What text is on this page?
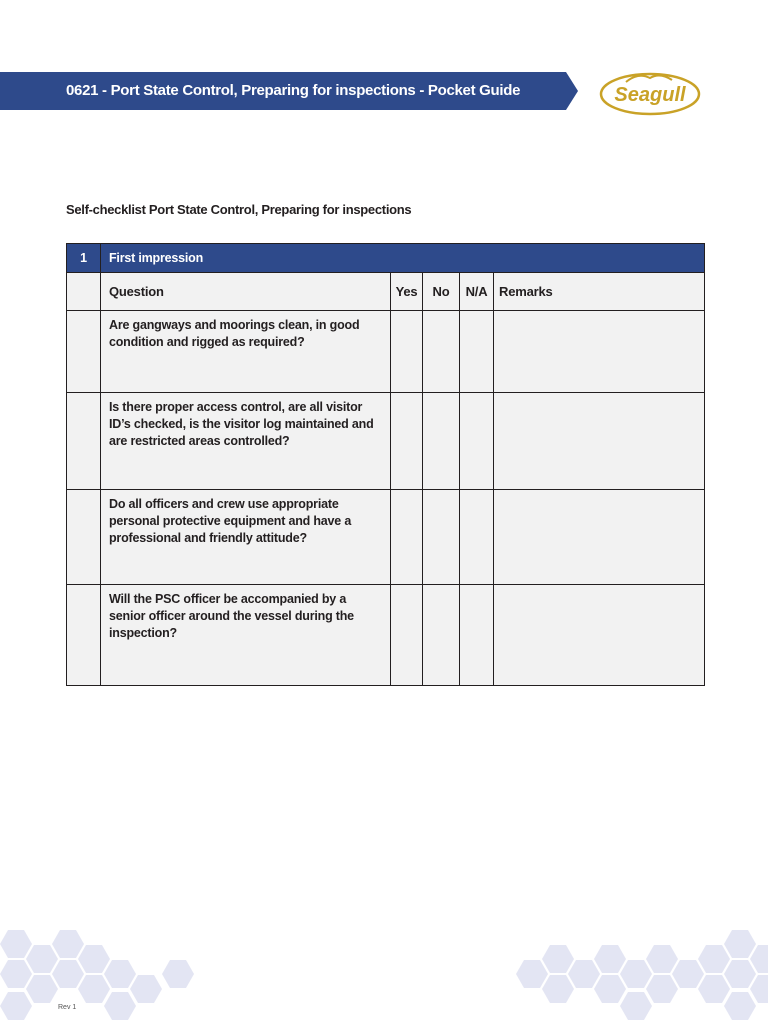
0621 - Port State Control, Preparing for inspections - Pocket Guide	Seagull
Self-checklist Port State Control, Preparing for inspections
1	First impression				
	Question	Yes	No	N/A	Remarks
	Are gangways and moorings clean, in good condition and rigged as required?				
	Is there proper access control, are all visitor ID’s checked, is the visitor log maintained and are restricted areas controlled?				
	Do all officers and crew use appropriate personal protective equipment and have a professional and friendly attitude?				
	Will the PSC officer be accompanied by a senior officer around the vessel during the inspection?				
Rev 1
